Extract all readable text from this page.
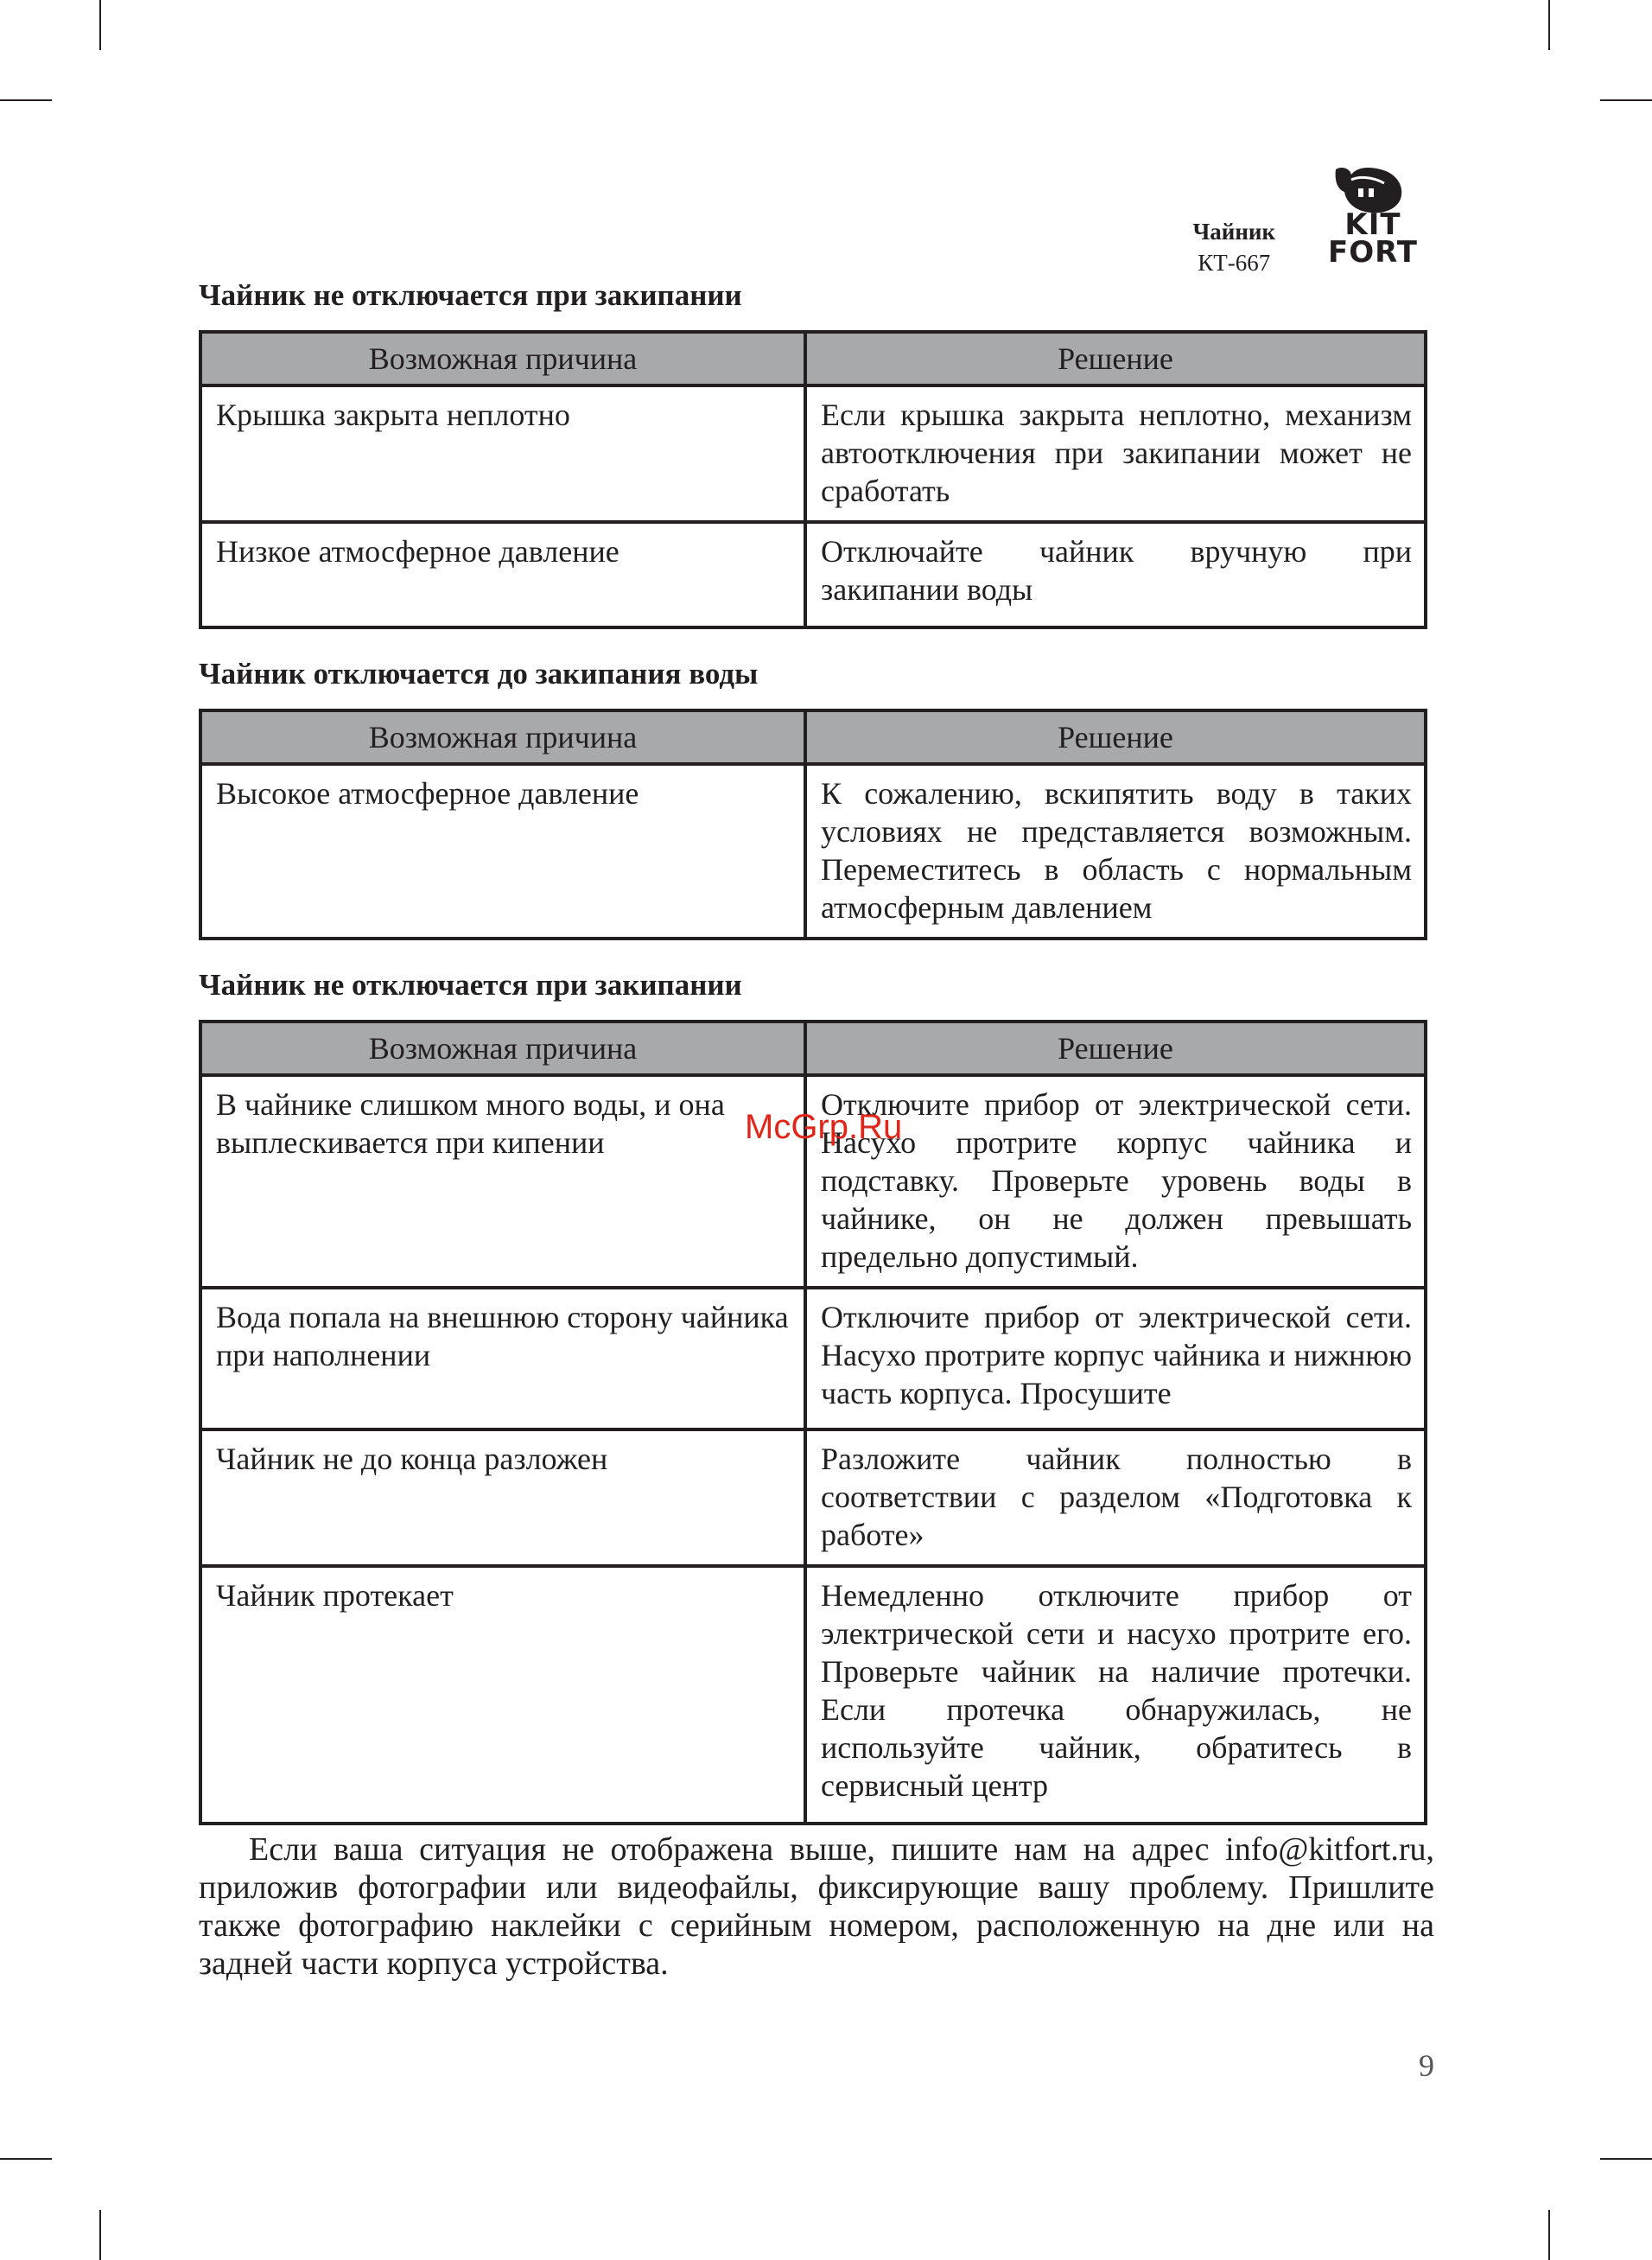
Чайник
КТ-667
KIT
FORT
Чайник не отключается при закипании
Возможная причина	Решение
Крышка закрыта неплотно	Если крышка закрыта неплотно, механизм автоотключения при закипании может не сработать
Низкое атмосферное давление	Отключайте чайник вручную при закипании воды
Чайник отключается до закипания воды
Возможная причина	Решение
Высокое атмосферное давление	К сожалению, вскипятить воду в таких условиях не представляется возможным. Переместитесь в область с нормальным атмосферным давлением
Чайник не отключается при закипании
Возможная причина	Решение
В чайнике слишком много воды, и она выплескивается при кипении	Отключите прибор от электрической сети. Насухо протрите корпус чайника и подставку. Проверьте уровень воды в чайнике, он не должен превышать предельно допустимый.
Вода попала на внешнюю сторону чайника при наполнении	Отключите прибор от электрической сети. Насухо протрите корпус чайника и нижнюю часть корпуса. Просушите
Чайник не до конца разложен	Разложите чайник полностью в соответствии с разделом «Подготовка к работе»
Чайник протекает	Немедленно отключите прибор от электрической сети и насухо протрите его. Проверьте чайник на наличие протечки. Если протечка обнаружилась, не используйте чайник, обратитесь в сервисный центр
McGrp.Ru
Если ваша ситуация не отображена выше, пишите нам на адрес info@kitfort.ru, приложив фотографии или видеофайлы, фиксирующие вашу проблему. Пришлите также фотографию наклейки с серийным номером, расположенную на дне или на задней части корпуса устройства.
9
